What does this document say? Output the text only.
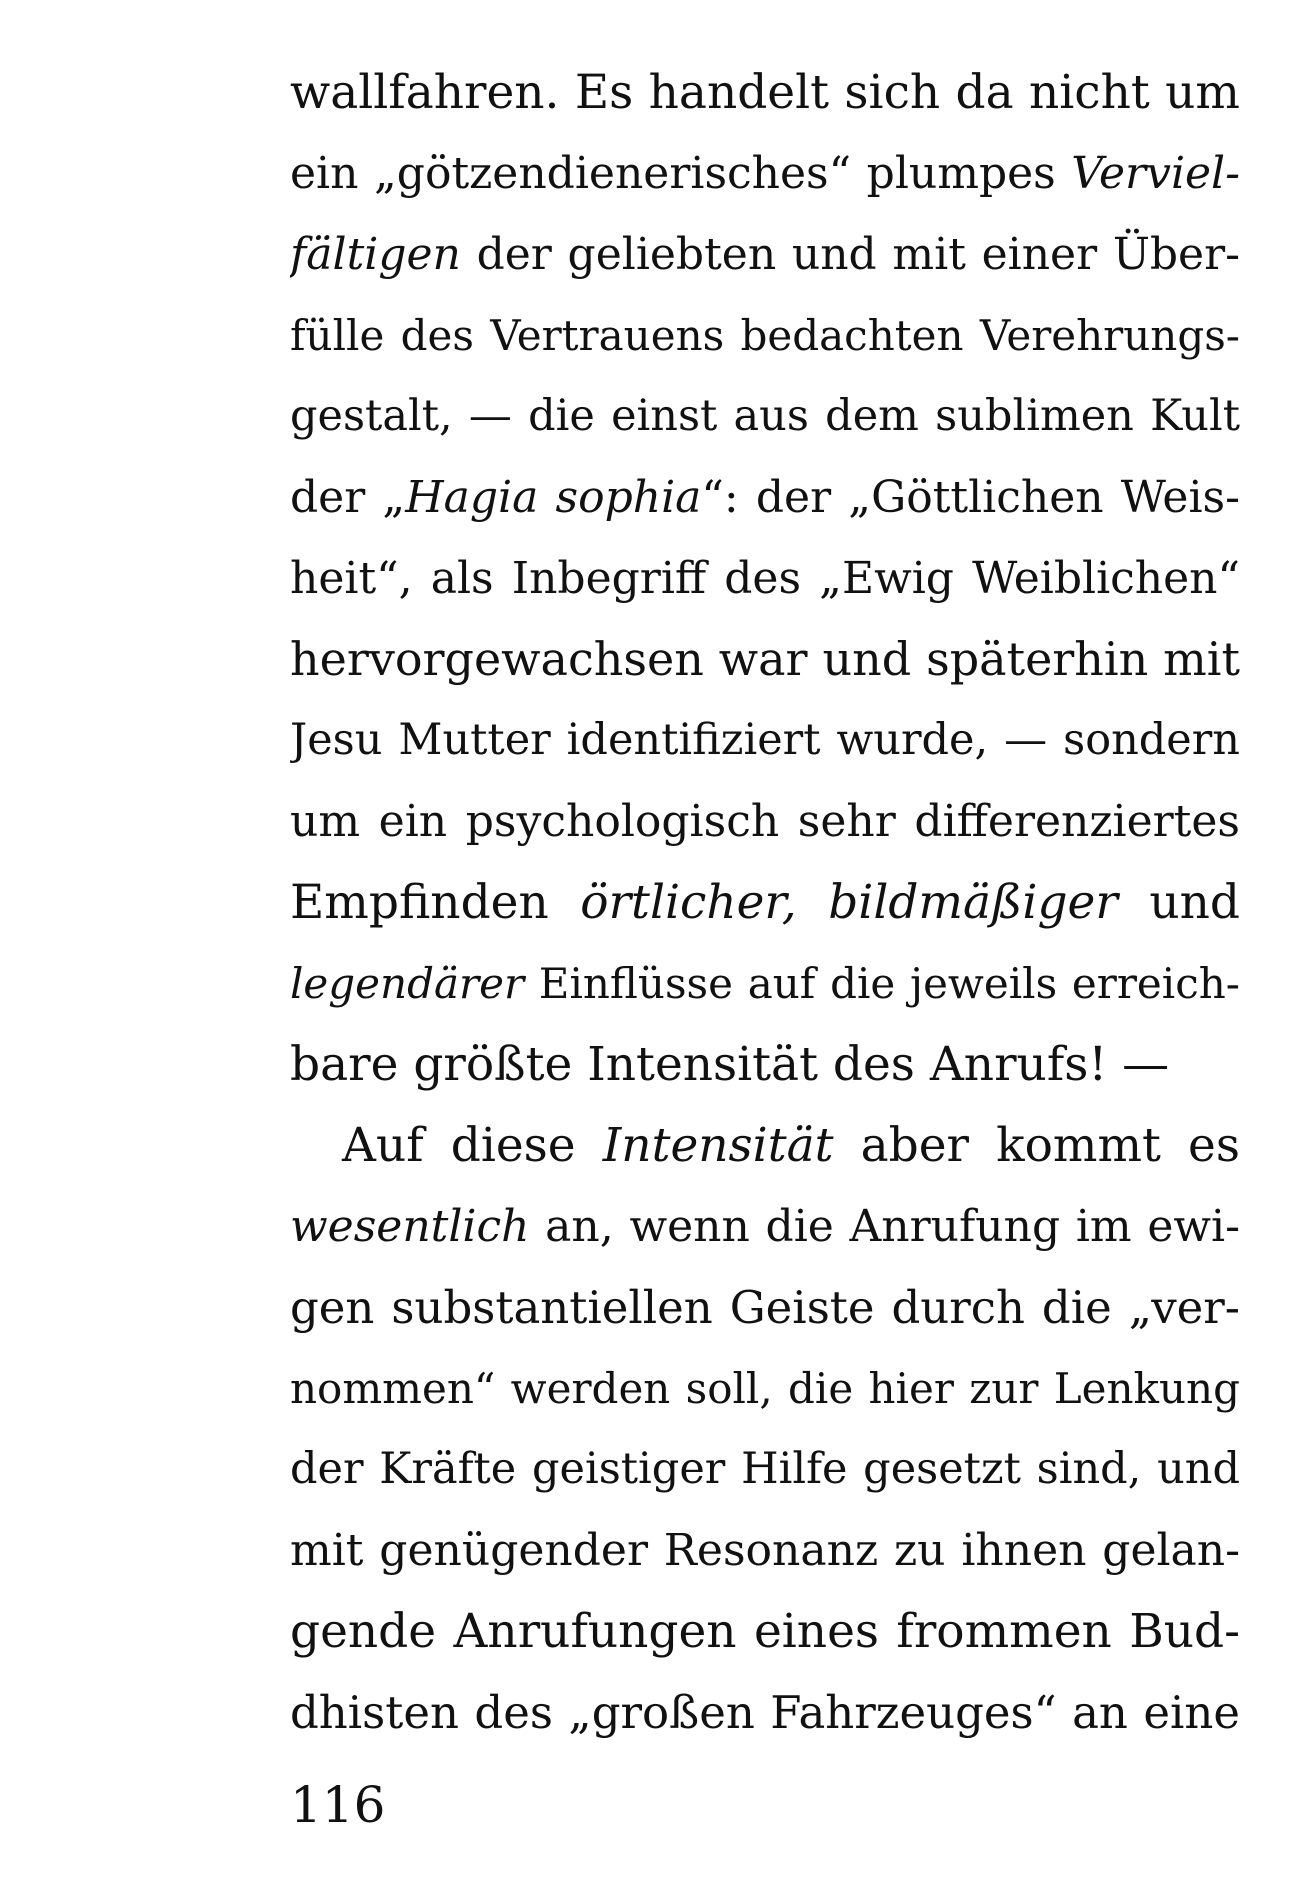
wallfahren. Es handelt sich da nicht um
ein „götzendienerisches“ plumpes Verviel-
fältigen der geliebten und mit einer Über-
fülle des Vertrauens bedachten Verehrungs-
gestalt, — die einst aus dem sublimen Kult
der „Hagia sophia“: der „Göttlichen Weis-
heit“, als Inbegriff des „Ewig Weiblichen“
hervorgewachsen war und späterhin mit
Jesu Mutter identifiziert wurde, — sondern
um ein psychologisch sehr differenziertes
Empfinden örtlicher, bildmäßiger und
legendärer Einflüsse auf die jeweils erreich-
bare größte Intensität des Anrufs! —
Auf diese Intensität aber kommt es
wesentlich an, wenn die Anrufung im ewi-
gen substantiellen Geiste durch die „ver-
nommen“ werden soll, die hier zur Lenkung
der Kräfte geistiger Hilfe gesetzt sind, und
mit genügender Resonanz zu ihnen gelan-
gende Anrufungen eines frommen Bud-
dhisten des „großen Fahrzeuges“ an eine
116
